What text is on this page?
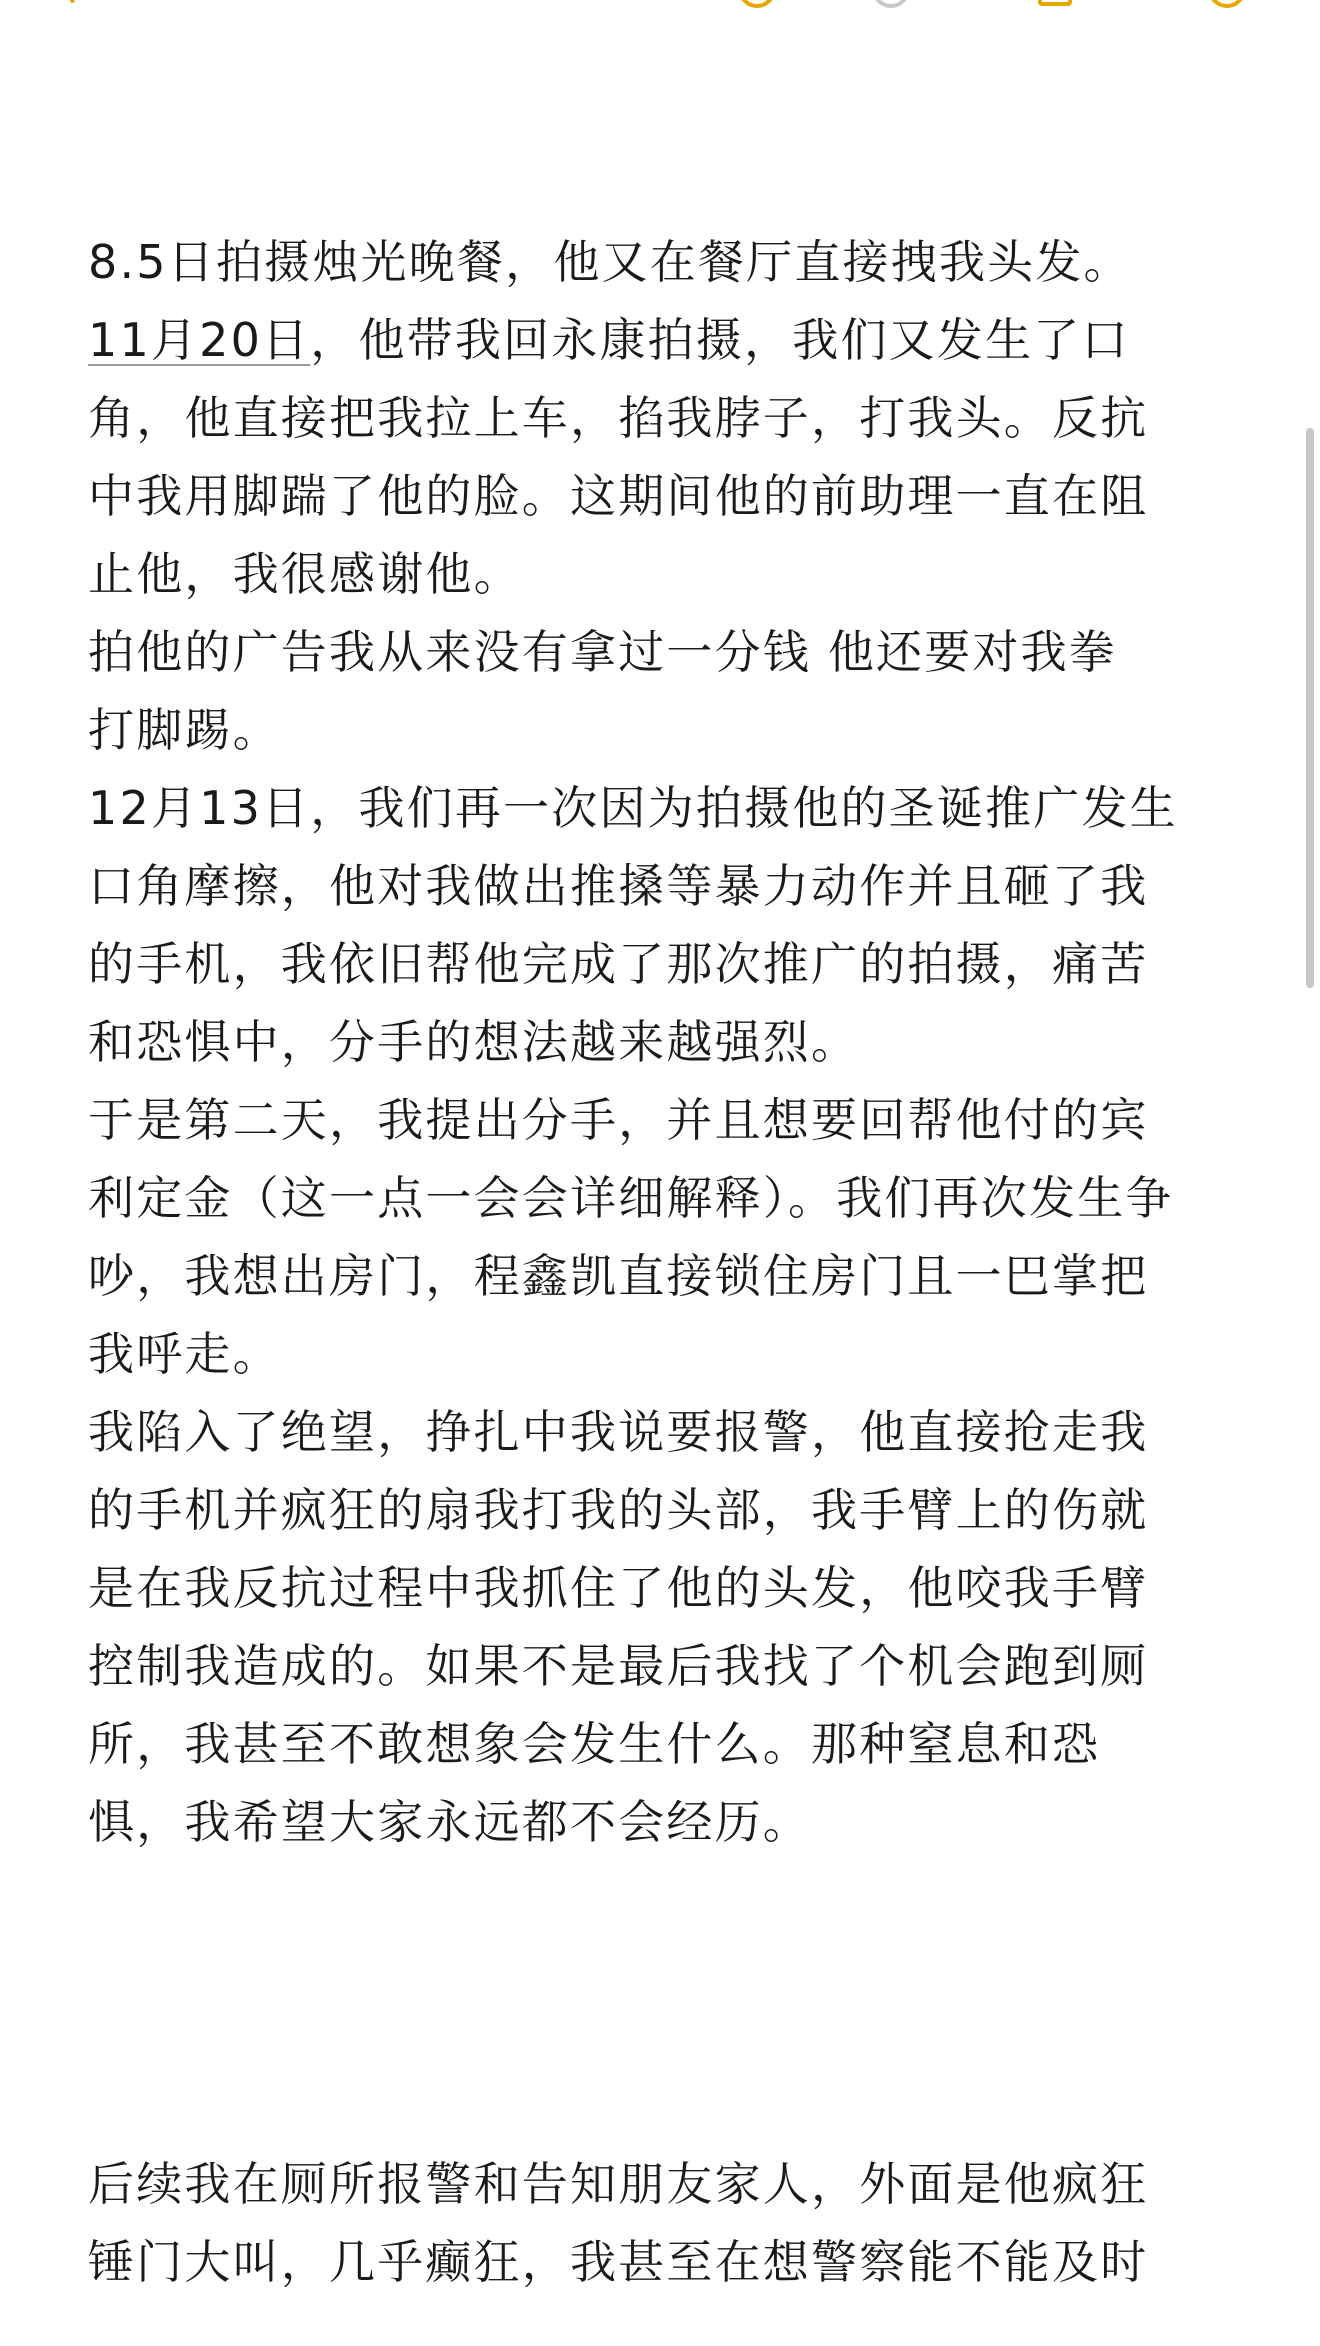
8.5日拍摄烛光晚餐，他又在餐厅直接拽我头发。
11月20日，他带我回永康拍摄，我们又发生了口
角，他直接把我拉上车，掐我脖子，打我头。反抗
中我用脚踹了他的脸。这期间他的前助理一直在阻
止他，我很感谢他。
拍他的广告我从来没有拿过一分钱 他还要对我拳
打脚踢。
12月13日，我们再一次因为拍摄他的圣诞推广发生
口角摩擦，他对我做出推搡等暴力动作并且砸了我
的手机，我依旧帮他完成了那次推广的拍摄，痛苦
和恐惧中，分手的想法越来越强烈。
于是第二天，我提出分手，并且想要回帮他付的宾
利定金（这一点一会会详细解释）。我们再次发生争
吵，我想出房门，程鑫凯直接锁住房门且一巴掌把
我呼走。
我陷入了绝望，挣扎中我说要报警，他直接抢走我
的手机并疯狂的扇我打我的头部，我手臂上的伤就
是在我反抗过程中我抓住了他的头发，他咬我手臂
控制我造成的。如果不是最后我找了个机会跑到厕
所，我甚至不敢想象会发生什么。那种窒息和恐
惧，我希望大家永远都不会经历。
后续我在厕所报警和告知朋友家人，外面是他疯狂
锤门大叫，几乎癫狂，我甚至在想警察能不能及时
